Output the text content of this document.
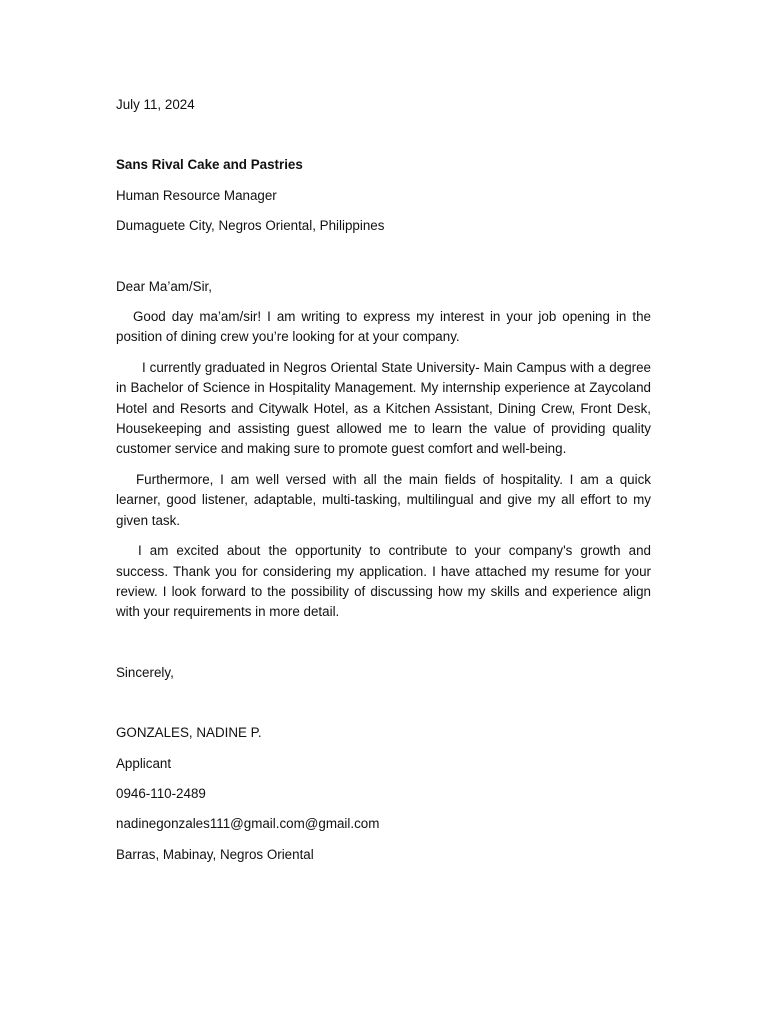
July 11, 2024

Sans Rival Cake and Pastries

Human Resource Manager

Dumaguete City, Negros Oriental, Philippines

Dear Ma’am/Sir,

Good day ma’am/sir! I am writing to express my interest in your job opening in the position of dining crew you’re looking for at your company.

I currently graduated in Negros Oriental State University- Main Campus with a degree in Bachelor of Science in Hospitality Management. My internship experience at Zaycoland Hotel and Resorts and Citywalk Hotel, as a Kitchen Assistant, Dining Crew, Front Desk, Housekeeping and assisting guest allowed me to learn the value of providing quality customer service and making sure to promote guest comfort and well-being.

Furthermore, I am well versed with all the main fields of hospitality. I am a quick learner, good listener, adaptable, multi-tasking, multilingual and give my all effort to my given task.

I am excited about the opportunity to contribute to your company's growth and success. Thank you for considering my application. I have attached my resume for your review. I look forward to the possibility of discussing how my skills and experience align with your requirements in more detail.

Sincerely,

GONZALES, NADINE P.

Applicant

0946-110-2489

nadinegonzales111@gmail.com@gmail.com

Barras, Mabinay, Negros Oriental
